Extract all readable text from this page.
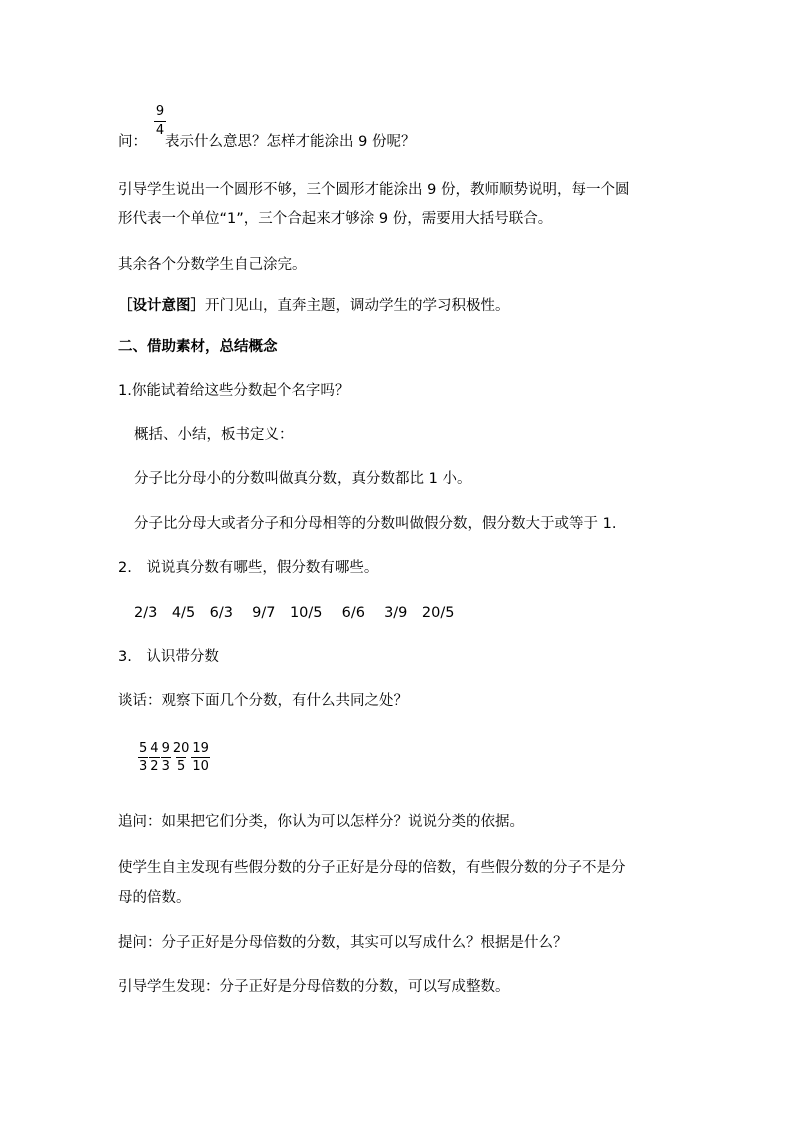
9
4
问： 表示什么意思？怎样才能涂出 9 份呢？
引导学生说出一个圆形不够，三个圆形才能涂出 9 份，教师顺势说明，每一个圆
形代表一个单位“1”，三个合起来才够涂 9 份，需要用大括号联合。
其余各个分数学生自己涂完。
［设计意图］开门见山，直奔主题，调动学生的学习积极性。
二、借助素材，总结概念
1.你能试着给这些分数起个名字吗？
概括、小结，板书定义：
分子比分母小的分数叫做真分数，真分数都比 1 小。
分子比分母大或者分子和分母相等的分数叫做假分数，假分数大于或等于 1.
2.　说说真分数有哪些，假分数有哪些。
2/3　4/5　6/3　 9/7　10/5　 6/6　 3/9　20/5
3.　认识带分数
谈话：观察下面几个分数，有什么共同之处？
$\frac{5}{3} \frac{4}{2} \frac{9}{3} \frac{20}{5} \frac{19}{10}$
追问：如果把它们分类，你认为可以怎样分？说说分类的依据。
使学生自主发现有些假分数的分子正好是分母的倍数，有些假分数的分子不是分
母的倍数。
提问：分子正好是分母倍数的分数，其实可以写成什么？根据是什么？
引导学生发现：分子正好是分母倍数的分数，可以写成整数。
